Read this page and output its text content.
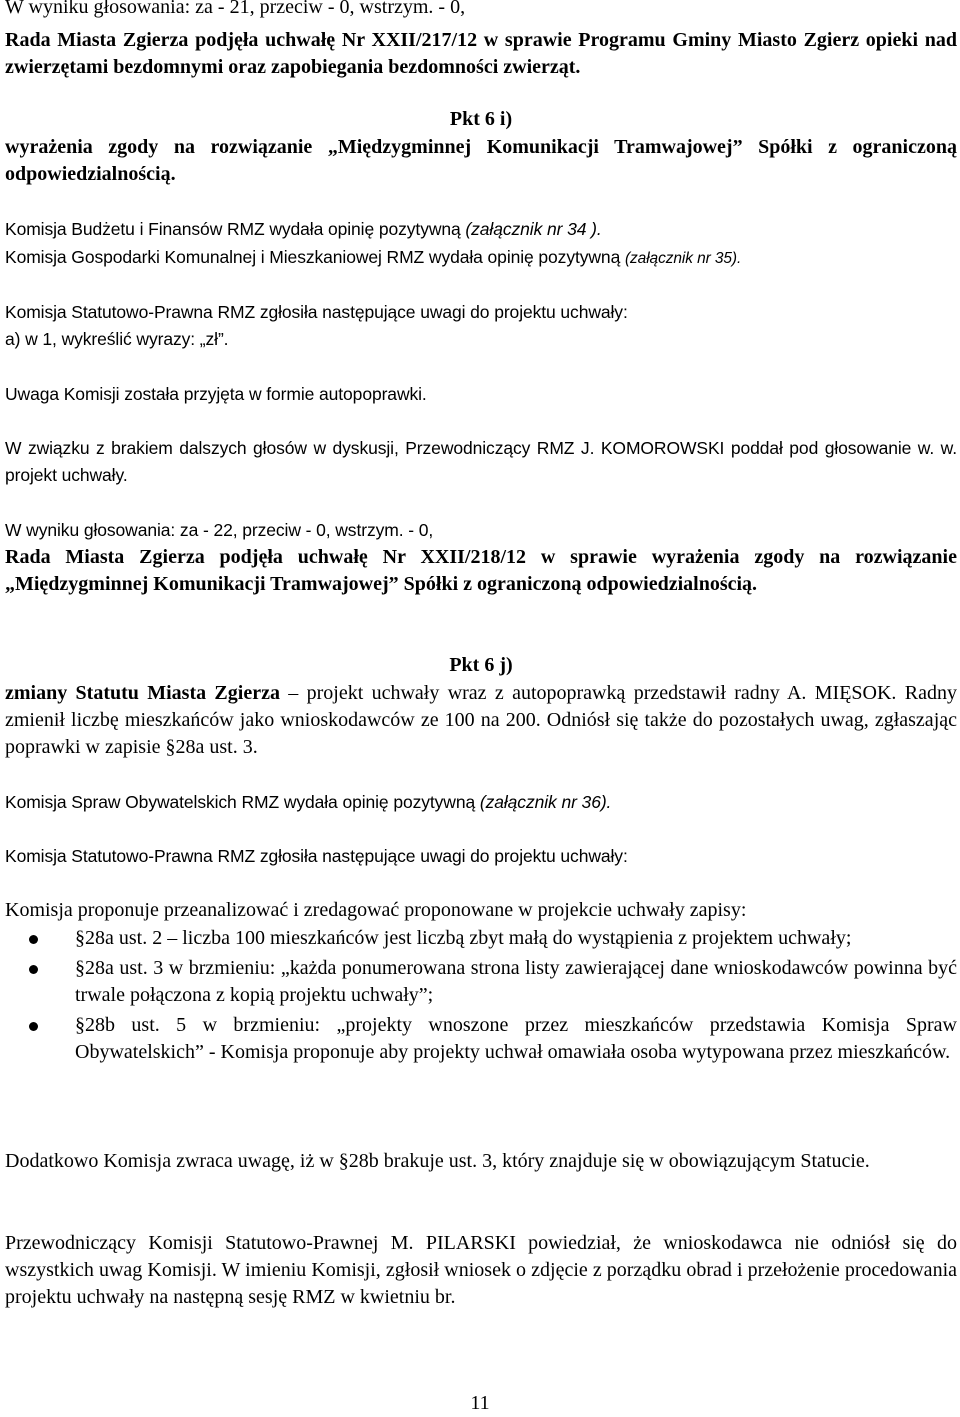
W wyniku głosowania: za - 21, przeciw - 0, wstrzym. - 0,
Rada Miasta Zgierza podjęła uchwałę Nr XXII/217/12 w sprawie Programu Gminy Miasto Zgierz opieki nad zwierzętami bezdomnymi oraz zapobiegania bezdomności zwierząt.
Pkt 6 i)
wyrażenia zgody na rozwiązanie „Międzygminnej Komunikacji Tramwajowej” Spółki z ograniczoną odpowiedzialnością.
Komisja Budżetu i Finansów RMZ wydała opinię pozytywną (załącznik nr 34 ).
Komisja Gospodarki Komunalnej i Mieszkaniowej RMZ wydała opinię pozytywną (załącznik nr 35).
Komisja Statutowo-Prawna RMZ zgłosiła następujące uwagi do projektu uchwały:
a) w 1, wykreślić wyrazy: „zł”.
Uwaga Komisji została przyjęta w formie autopoprawki.
W związku z brakiem dalszych głosów w dyskusji, Przewodniczący RMZ J. KOMOROWSKI poddał pod głosowanie w. w. projekt uchwały.
W wyniku głosowania: za - 22, przeciw - 0, wstrzym. - 0,
Rada Miasta Zgierza podjęła uchwałę Nr XXII/218/12 w sprawie wyrażenia zgody na rozwiązanie „Międzygminnej Komunikacji Tramwajowej” Spółki z ograniczoną odpowiedzialnością.
Pkt 6 j)
zmiany Statutu Miasta Zgierza – projekt uchwały wraz z autopoprawką przedstawił radny A. MIĘSOK. Radny zmienił liczbę mieszkańców jako wnioskodawców ze 100 na 200. Odniósł się także do pozostałych uwag, zgłaszając poprawki w zapisie §28a ust. 3.
Komisja Spraw Obywatelskich RMZ wydała opinię pozytywną (załącznik nr 36).
Komisja Statutowo-Prawna RMZ zgłosiła następujące uwagi do projektu uchwały:
Komisja proponuje przeanalizować i zredagować proponowane w projekcie uchwały zapisy:
§28a ust. 2 – liczba 100 mieszkańców jest liczbą zbyt małą do wystąpienia z projektem uchwały;
§28a ust. 3 w brzmieniu: „każda ponumerowana strona listy zawierającej dane wnioskodawców powinna być trwale połączona z kopią projektu uchwały”;
§28b ust. 5 w brzmieniu: „projekty wnoszone przez mieszkańców przedstawia Komisja Spraw Obywatelskich” - Komisja proponuje aby projekty uchwał omawiała osoba wytypowana przez mieszkańców.
Dodatkowo Komisja zwraca uwagę, iż w §28b brakuje ust. 3, który znajduje się w obowiązującym Statucie.
Przewodniczący Komisji Statutowo-Prawnej M. PILARSKI powiedział, że wnioskodawca nie odniósł się do wszystkich uwag Komisji. W imieniu Komisji, zgłosił wniosek o zdjęcie z porządku obrad i przełożenie procedowania projektu uchwały na następną sesję RMZ w kwietniu br.
11
